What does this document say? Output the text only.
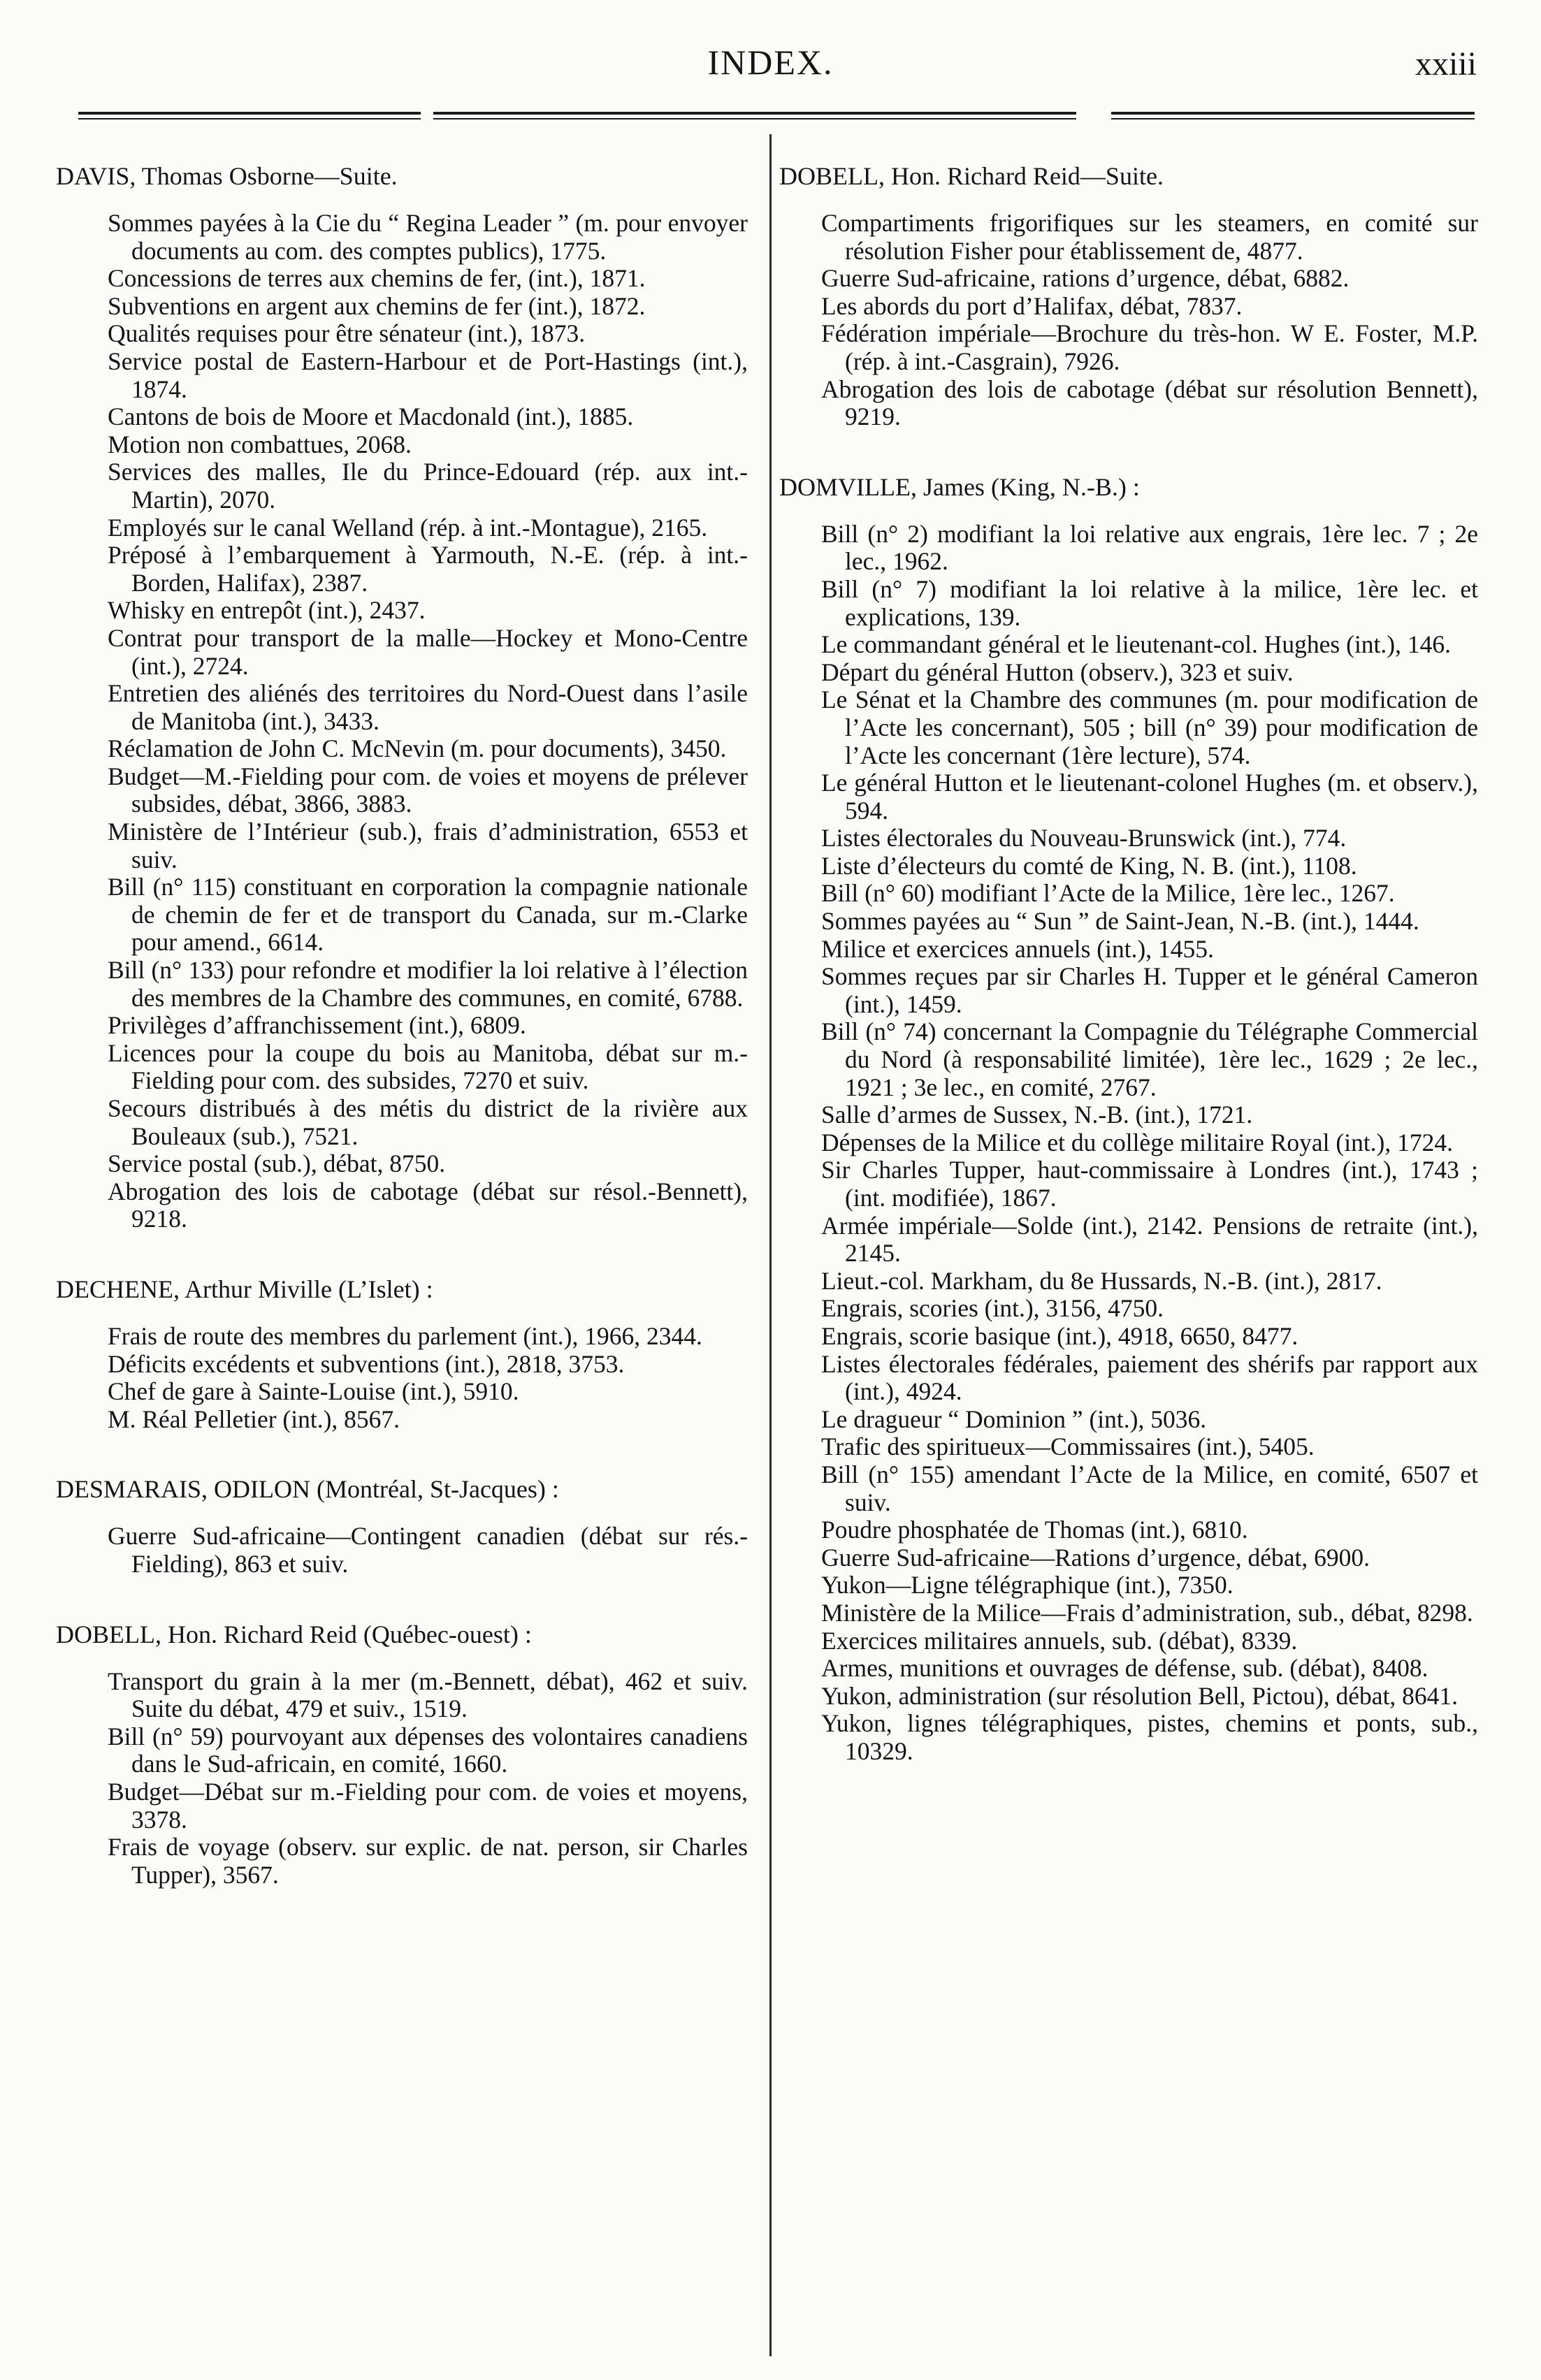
INDEX.	xxiii

DAVIS, Thomas Osborne—Suite.

Sommes payées à la Cie du “ Regina Leader ” (m. pour envoyer documents au com. des comptes publics), 1775.

Concessions de terres aux chemins de fer, (int.), 1871.

Subventions en argent aux chemins de fer (int.), 1872.

Qualités requises pour être sénateur (int.), 1873.

Service postal de Eastern-Harbour et de Port-Hastings (int.), 1874.

Cantons de bois de Moore et Macdonald (int.), 1885.

Motion non combattues, 2068.

Services des malles, Ile du Prince-Edouard (rép. aux int.-Martin), 2070.

Employés sur le canal Welland (rép. à int.-Montague), 2165.

Préposé à l’embarquement à Yarmouth, N.-E. (rép. à int.-Borden, Halifax), 2387.

Whisky en entrepôt (int.), 2437.

Contrat pour transport de la malle—Hockey et Mono-Centre (int.), 2724.

Entretien des aliénés des territoires du Nord-Ouest dans l’asile de Manitoba (int.), 3433.

Réclamation de John C. McNevin (m. pour documents), 3450.

Budget—M.-Fielding pour com. de voies et moyens de prélever subsides, débat, 3866, 3883.

Ministère de l’Intérieur (sub.), frais d’administration, 6553 et suiv.

Bill (n° 115) constituant en corporation la compagnie nationale de chemin de fer et de transport du Canada, sur m.-Clarke pour amend., 6614.

Bill (n° 133) pour refondre et modifier la loi relative à l’élection des membres de la Chambre des communes, en comité, 6788.

Privilèges d’affranchissement (int.), 6809.

Licences pour la coupe du bois au Manitoba, débat sur m.-Fielding pour com. des subsides, 7270 et suiv.

Secours distribués à des métis du district de la rivière aux Bouleaux (sub.), 7521.

Service postal (sub.), débat, 8750.

Abrogation des lois de cabotage (débat sur résol.-Bennett), 9218.

DECHENE, Arthur Miville (L’Islet) :

Frais de route des membres du parlement (int.), 1966, 2344.

Déficits excédents et subventions (int.), 2818, 3753.

Chef de gare à Sainte-Louise (int.), 5910.

M. Réal Pelletier (int.), 8567.

DESMARAIS, ODILON (Montréal, St-Jacques) :

Guerre Sud-africaine—Contingent canadien (débat sur rés.-Fielding), 863 et suiv.

DOBELL, Hon. Richard Reid (Québec-ouest) :

Transport du grain à la mer (m.-Bennett, débat), 462 et suiv. Suite du débat, 479 et suiv., 1519.

Bill (n° 59) pourvoyant aux dépenses des volontaires canadiens dans le Sud-africain, en comité, 1660.

Budget—Débat sur m.-Fielding pour com. de voies et moyens, 3378.

Frais de voyage (observ. sur explic. de nat. person, sir Charles Tupper), 3567.

DOBELL, Hon. Richard Reid—Suite.

Compartiments frigorifiques sur les steamers, en comité sur résolution Fisher pour établissement de, 4877.

Guerre Sud-africaine, rations d’urgence, débat, 6882.

Les abords du port d’Halifax, débat, 7837.

Fédération impériale—Brochure du très-hon. W E. Foster, M.P. (rép. à int.-Casgrain), 7926.

Abrogation des lois de cabotage (débat sur résolution Bennett), 9219.

DOMVILLE, James (King, N.-B.) :

Bill (n° 2) modifiant la loi relative aux engrais, 1ère lec. 7 ; 2e lec., 1962.

Bill (n° 7) modifiant la loi relative à la milice, 1ère lec. et explications, 139.

Le commandant général et le lieutenant-col. Hughes (int.), 146.

Départ du général Hutton (observ.), 323 et suiv.

Le Sénat et la Chambre des communes (m. pour modification de l’Acte les concernant), 505 ; bill (n° 39) pour modification de l’Acte les concernant (1ère lecture), 574.

Le général Hutton et le lieutenant-colonel Hughes (m. et observ.), 594.

Listes électorales du Nouveau-Brunswick (int.), 774.

Liste d’électeurs du comté de King, N. B. (int.), 1108.

Bill (n° 60) modifiant l’Acte de la Milice, 1ère lec., 1267.

Sommes payées au “ Sun ” de Saint-Jean, N.-B. (int.), 1444.

Milice et exercices annuels (int.), 1455.

Sommes reçues par sir Charles H. Tupper et le général Cameron (int.), 1459.

Bill (n° 74) concernant la Compagnie du Télégraphe Commercial du Nord (à responsabilité limitée), 1ère lec., 1629 ; 2e lec., 1921 ; 3e lec., en comité, 2767.

Salle d’armes de Sussex, N.-B. (int.), 1721.

Dépenses de la Milice et du collège militaire Royal (int.), 1724.

Sir Charles Tupper, haut-commissaire à Londres (int.), 1743 ; (int. modifiée), 1867.

Armée impériale—Solde (int.), 2142. Pensions de retraite (int.), 2145.

Lieut.-col. Markham, du 8e Hussards, N.-B. (int.), 2817.

Engrais, scories (int.), 3156, 4750.

Engrais, scorie basique (int.), 4918, 6650, 8477.

Listes électorales fédérales, paiement des shérifs par rapport aux (int.), 4924.

Le dragueur “ Dominion ” (int.), 5036.

Trafic des spiritueux—Commissaires (int.), 5405.

Bill (n° 155) amendant l’Acte de la Milice, en comité, 6507 et suiv.

Poudre phosphatée de Thomas (int.), 6810.

Guerre Sud-africaine—Rations d’urgence, débat, 6900.

Yukon—Ligne télégraphique (int.), 7350.

Ministère de la Milice—Frais d’administration, sub., débat, 8298.

Exercices militaires annuels, sub. (débat), 8339.

Armes, munitions et ouvrages de défense, sub. (débat), 8408.

Yukon, administration (sur résolution Bell, Pictou), débat, 8641.

Yukon, lignes télégraphiques, pistes, chemins et ponts, sub., 10329.
